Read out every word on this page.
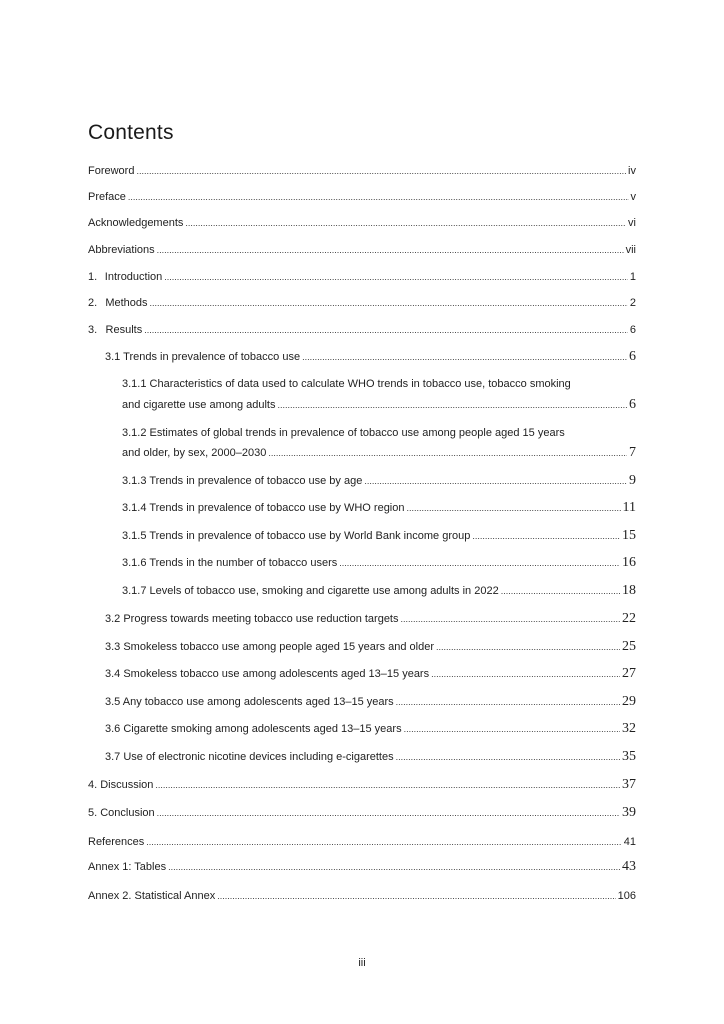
Contents
Foreword .....	iv
Preface .....	v
Acknowledgements .....	vi
Abbreviations .....	vii
1. Introduction .....	1
2. Methods .....	2
3. Results .....	6
3.1 Trends in prevalence of tobacco use .....	6
3.1.1 Characteristics of data used to calculate WHO trends in tobacco use, tobacco smoking
and cigarette use among adults .....	6
3.1.2 Estimates of global trends in prevalence of tobacco use among people aged 15 years
and older, by sex, 2000–2030 .....	7
3.1.3 Trends in prevalence of tobacco use by age .....	9
3.1.4 Trends in prevalence of tobacco use by WHO region .....	11
3.1.5 Trends in prevalence of tobacco use by World Bank income group .....	15
3.1.6 Trends in the number of tobacco users .....	16
3.1.7 Levels of tobacco use, smoking and cigarette use among adults in 2022 .....	18
3.2 Progress towards meeting tobacco use reduction targets .....	22
3.3 Smokeless tobacco use among people aged 15 years and older .....	25
3.4 Smokeless tobacco use among adolescents aged 13–15 years .....	27
3.5 Any tobacco use among adolescents aged 13–15 years .....	29
3.6 Cigarette smoking among adolescents aged 13–15 years .....	32
3.7 Use of electronic nicotine devices including e-cigarettes .....	35
4. Discussion .....	37
5. Conclusion .....	39
References .....	41
Annex 1: Tables .....	43
Annex 2. Statistical Annex .....	106
iii
